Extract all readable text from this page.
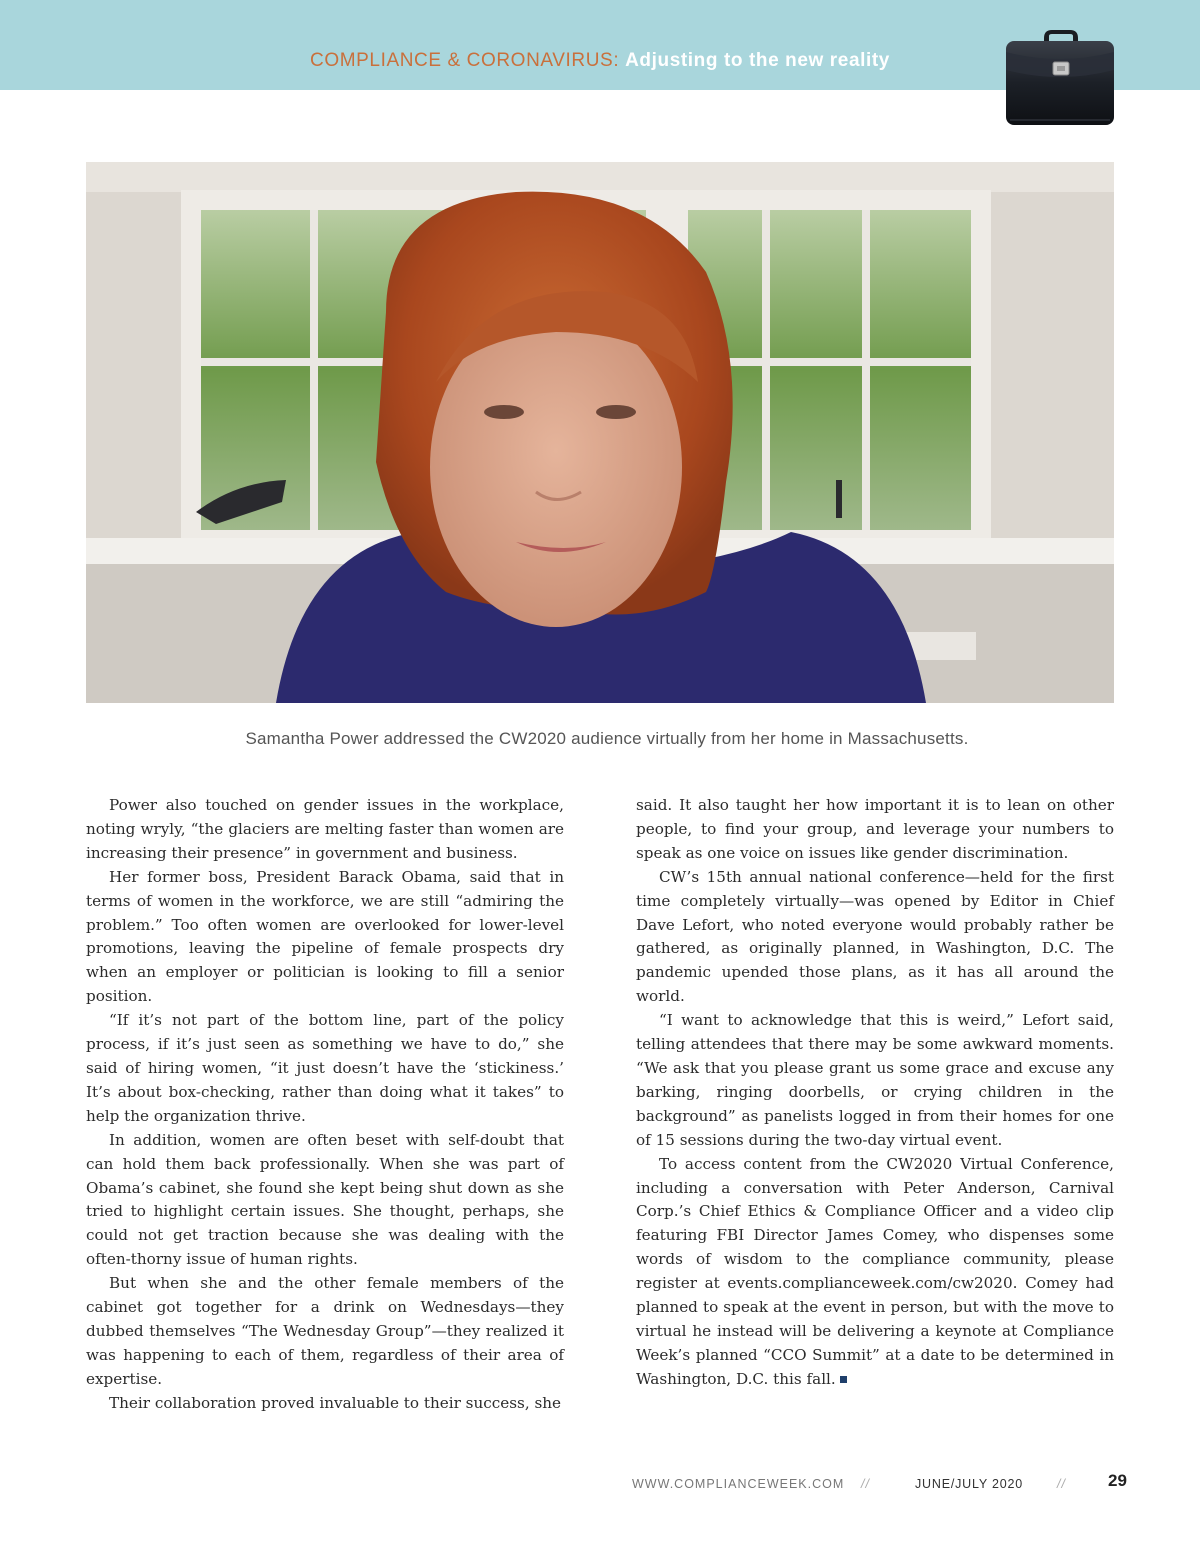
COMPLIANCE & CORONAVIRUS: Adjusting to the new reality
Samantha Power addressed the CW2020 audience virtually from her home in Massachusetts.

Power also touched on gender issues in the workplace, noting wryly, “the glaciers are melting faster than women are increasing their presence” in government and business.

Her former boss, President Barack Obama, said that in terms of women in the workforce, we are still “admiring the problem.” Too often women are overlooked for lower-level promotions, leaving the pipeline of female prospects dry when an employer or politician is looking to fill a senior position.

“If it’s not part of the bottom line, part of the policy process, if it’s just seen as something we have to do,” she said of hiring women, “it just doesn’t have the ‘stickiness.’ It’s about box-checking, rather than doing what it takes” to help the organization thrive.

In addition, women are often beset with self-doubt that can hold them back professionally. When she was part of Obama’s cabinet, she found she kept being shut down as she tried to highlight certain issues. She thought, perhaps, she could not get traction because she was dealing with the often-thorny issue of human rights.

But when she and the other female members of the cabinet got together for a drink on Wednesdays—they dubbed themselves “The Wednesday Group”—they realized it was happening to each of them, regardless of their area of expertise.

Their collaboration proved invaluable to their success, she

said. It also taught her how important it is to lean on other people, to find your group, and leverage your numbers to speak as one voice on issues like gender discrimination.

CW’s 15th annual national conference—held for the first time completely virtually—was opened by Editor in Chief Dave Lefort, who noted everyone would probably rather be gathered, as originally planned, in Washington, D.C. The pandemic upended those plans, as it has all around the world.

“I want to acknowledge that this is weird,” Lefort said, telling attendees that there may be some awkward moments. “We ask that you please grant us some grace and excuse any barking, ringing doorbells, or crying children in the background” as panelists logged in from their homes for one of 15 sessions during the two-day virtual event.

To access content from the CW2020 Virtual Conference, including a conversation with Peter Anderson, Carnival Corp.’s Chief Ethics & Compliance Officer and a video clip featuring FBI Director James Comey, who dispenses some words of wisdom to the compliance community, please register at events.complianceweek.com/cw2020. Comey had planned to speak at the event in person, but with the move to virtual he instead will be delivering a keynote at Compliance Week’s planned “CCO Summit” at a date to be determined in Washington, D.C. this fall.

WWW.COMPLIANCEWEEK.COM //	JUNE/JULY 2020	// 29
